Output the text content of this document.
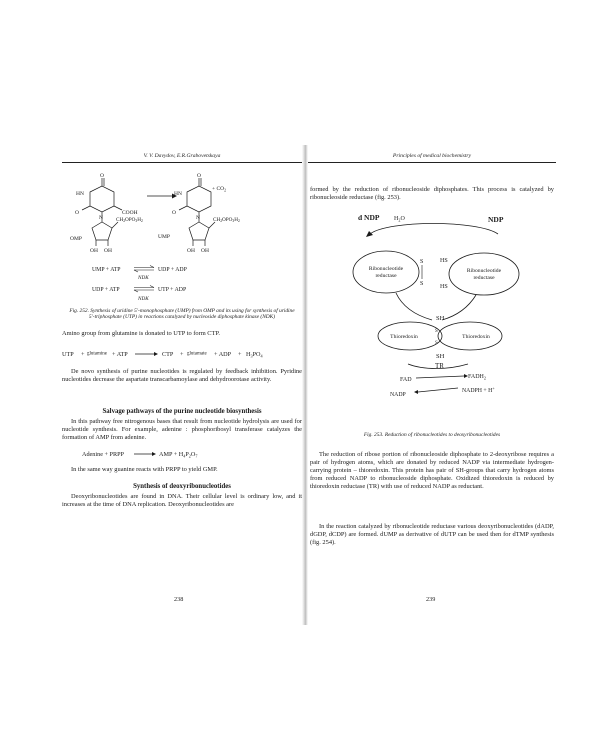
V. V. Davydov, E.R.Grabovetskaya
HN
O
O
N
COOH
$CH_2OPO_3H_2$
OH OH
OMP
+ $CO_2$
HN
O
O
N	$CH_2OPO_3H_2$
OH OH
UMP
UMP + ATP	UDP + ADP
NDK
UDP + ATP	UTP + ADP
NDK
Fig. 252. Synthesis of uridine 5'-monophosphate (UMP) from OMP and its using for synthesis of uridine 5'-triphosphate (UTP) in reactions catalyzed by nucleoside diphosphate kinase (NDK)
Amino group from glutamine is donated to UTP to form CTP.
UTP + glutamine + ATP	CTP + glutamate + ADP + $H_3PO_4$

De novo synthesis of purine nucleotides is regulated by feedback inhibition. Pyridine nucleotides decrease the aspartate transcarbamoylase and dehydroorotase activity.

Salvage pathways of the purine nucleotide biosynthesis

In this pathway free nitrogenous bases that result from nucleotide hydrolysis are used for nucleotide synthesis. For example, adenine : phosphoribosyl transferase catalyzes the formation of AMP from adenine.

Adenine + PRPP	AMP + $H_4P_2O_7$

In the same way guanine reacts with PRPP to yield GMP.

Synthesis of deoxyribonucleotides

Deoxyribonucleotides are found in DNA. Their cellular level is ordinary low, and it increases at the time of DNA replication. Deoxyribonucleotides are

238
Principles of medical biochemistry

formed by the reduction of ribonucleoside diphosphates. This process is catalyzed by ribonucleoside reductase (fig. 253).

d NDP $H_2O$	NDP
Ribonucleotide
reductase
Ribonucleotide
reductase
S
S
HS
HS
Thioredoxin	Thioredoxin
SH
SH
S
S
TR
FAD	$FADH_2$
NADP
NADPH + H+
Fig. 253. Reduction of ribonucleotides to deoxyribonucleotides

The reduction of ribose portion of ribonucleoside diphosphate to 2-deoxyribose requires a pair of hydrogen atoms, which are donated by reduced NADP via intermediate hydrogen-carrying protein – thioredoxin. This protein has pair of SH-groups that carry hydrogen atoms from reduced NADP to ribonucleoside diphosphate. Oxidized thioredoxin is reduced by thioredoxin reductase (TR) with use of reduced NADP as reductant.

In the reaction catalyzed by ribonucleotide reductase various deoxyribonucleotides (dADP, dGDP, dCDP) are formed. dUMP as derivative of dUTP can be used then for dTMP synthesis (fig. 254).

239
